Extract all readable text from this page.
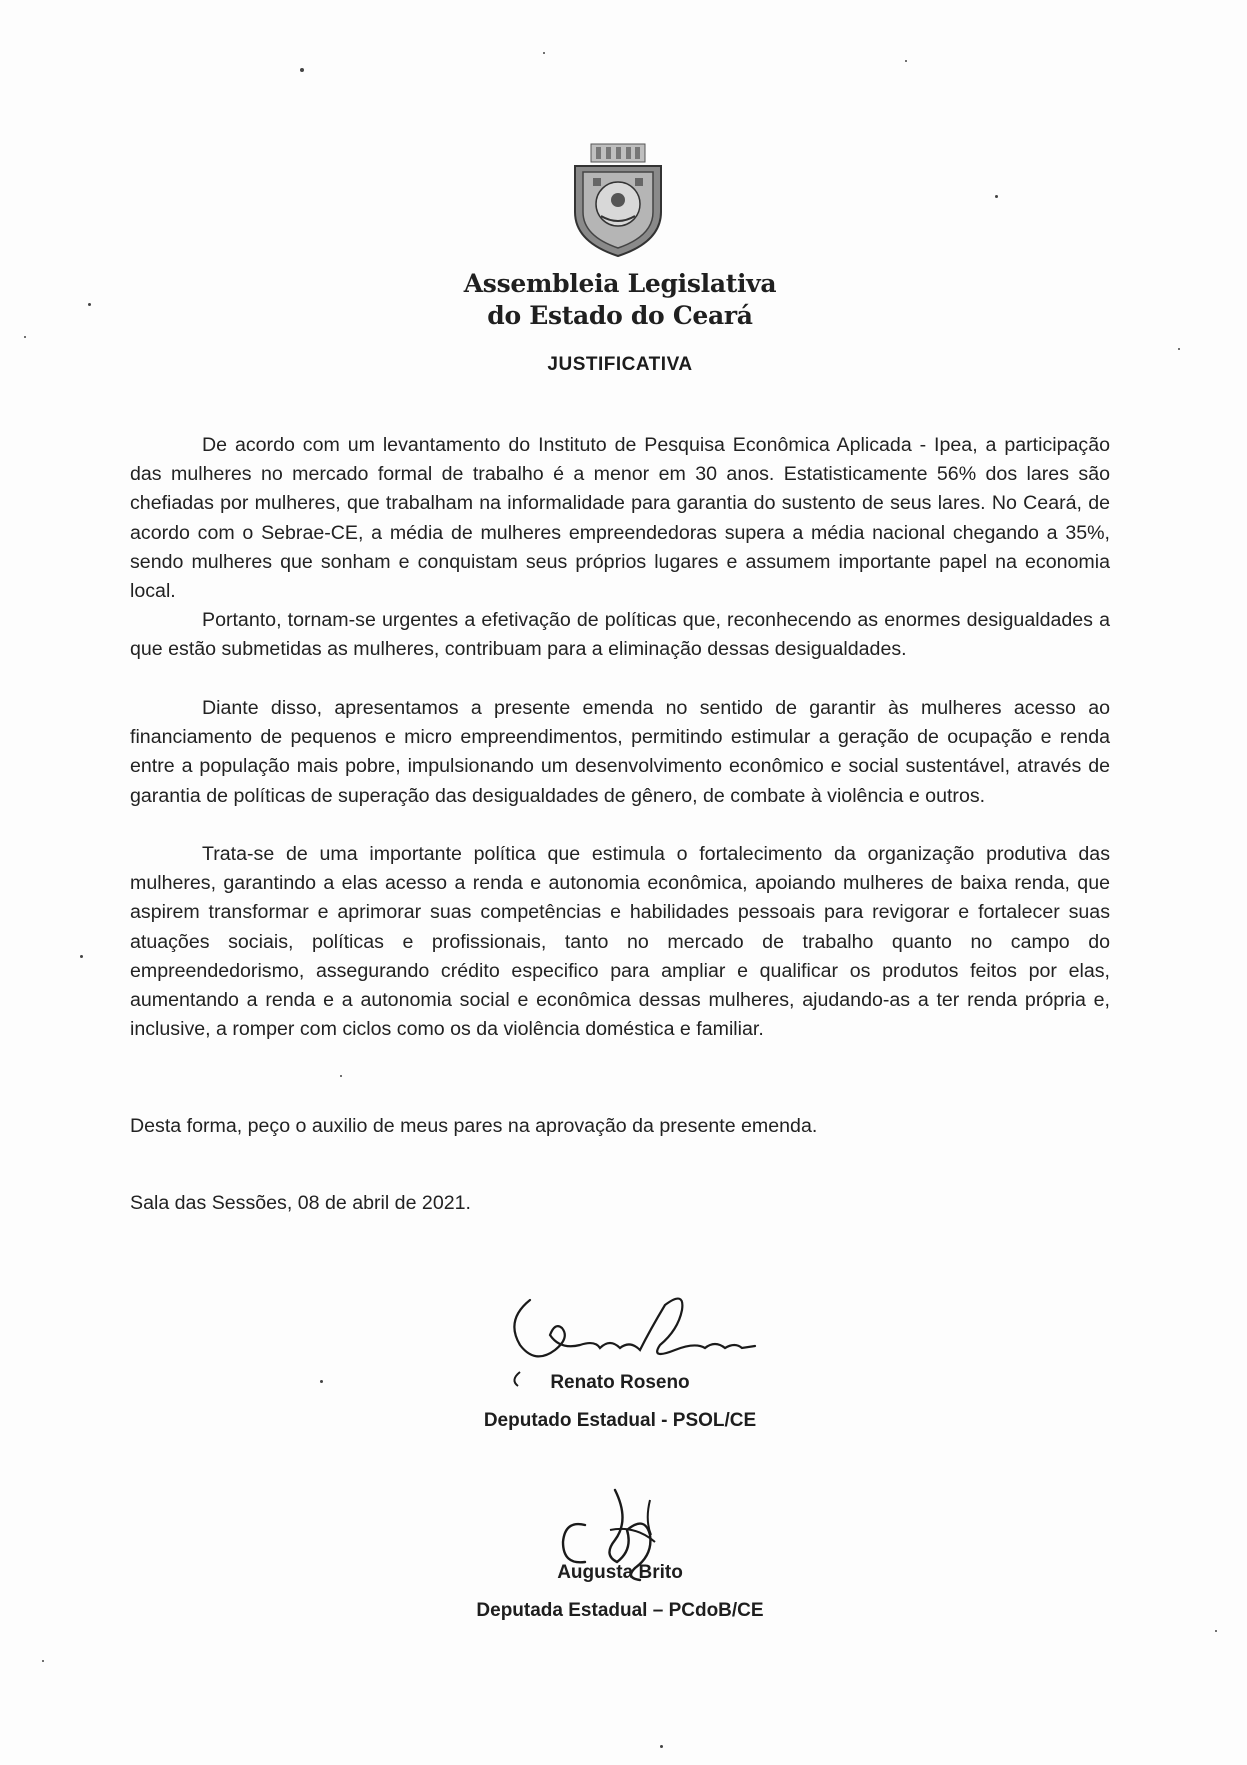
Assembleia Legislativa
do Estado do Ceará
JUSTIFICATIVA

De acordo com um levantamento do Instituto de Pesquisa Econômica Aplicada - Ipea, a participação das mulheres no mercado formal de trabalho é a menor em 30 anos. Estatisticamente 56% dos lares são chefiadas por mulheres, que trabalham na informalidade para garantia do sustento de seus lares. No Ceará, de acordo com o Sebrae-CE, a média de mulheres empreendedoras supera a média nacional chegando a 35%, sendo mulheres que sonham e conquistam seus próprios lugares e assumem importante papel na economia local.

Portanto, tornam-se urgentes a efetivação de políticas que, reconhecendo as enormes desigualdades a que estão submetidas as mulheres, contribuam para a eliminação dessas desigualdades.

Diante disso, apresentamos a presente emenda no sentido de garantir às mulheres acesso ao financiamento de pequenos e micro empreendimentos, permitindo estimular a geração de ocupação e renda entre a população mais pobre, impulsionando um desenvolvimento econômico e social sustentável, através de garantia de políticas de superação das desigualdades de gênero, de combate à violência e outros.

Trata-se de uma importante política que estimula o fortalecimento da organização produtiva das mulheres, garantindo a elas acesso a renda e autonomia econômica, apoiando mulheres de baixa renda, que aspirem transformar e aprimorar suas competências e habilidades pessoais para revigorar e fortalecer suas atuações sociais, políticas e profissionais, tanto no mercado de trabalho quanto no campo do empreendedorismo, assegurando crédito especifico para ampliar e qualificar os produtos feitos por elas, aumentando a renda e a autonomia social e econômica dessas mulheres, ajudando-as a ter renda própria e, inclusive, a romper com ciclos como os da violência doméstica e familiar.

Desta forma, peço o auxilio de meus pares na aprovação da presente emenda.

Sala das Sessões, 08 de abril de 2021.

Renato Roseno
Deputado Estadual - PSOL/CE
Augusta Brito
Deputada Estadual – PCdoB/CE
